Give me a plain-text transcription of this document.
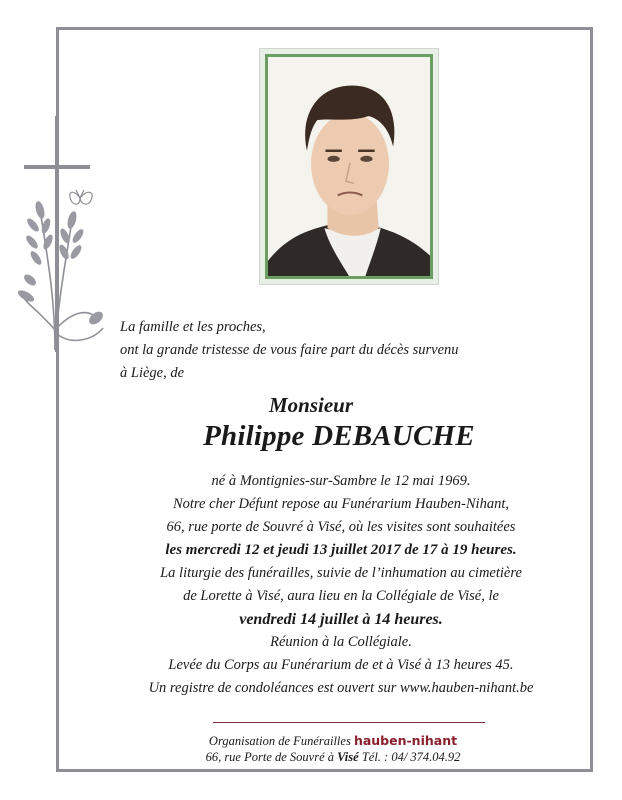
La famille et les proches,
ont la grande tristesse de vous faire part du décès survenu
à Liège, de
Monsieur
Philippe DEBAUCHE
né à Montignies-sur-Sambre le 12 mai 1969.
Notre cher Défunt repose au Funérarium Hauben-Nihant,
66, rue porte de Souvré à Visé, où les visites sont souhaitées
les mercredi 12 et jeudi 13 juillet 2017 de 17 à 19 heures.
La liturgie des funérailles, suivie de l’inhumation au cimetière
de Lorette à Visé, aura lieu en la Collégiale de Visé, le
vendredi 14 juillet à 14 heures.
Réunion à la Collégiale.
Levée du Corps au Funérarium de et à Visé à 13 heures 45.
Un registre de condoléances est ouvert sur www.hauben-nihant.be
Organisation de Funérailles hauben-nihant
66, rue Porte de Souvré à Visé Tél. : 04/ 374.04.92
